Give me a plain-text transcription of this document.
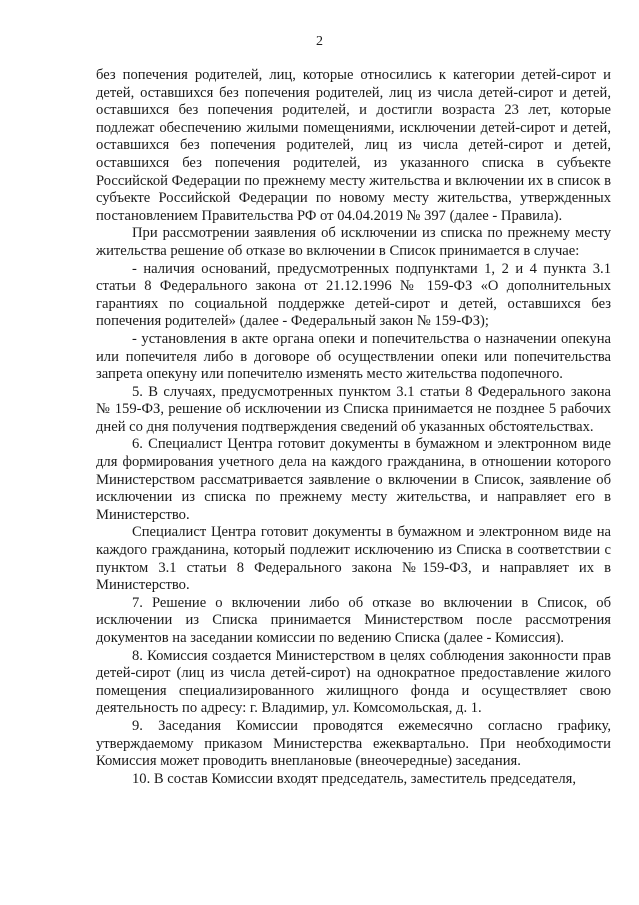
2

без попечения родителей, лиц, которые относились к категории детей-сирот и детей, оставшихся без попечения родителей, лиц из числа детей-сирот и детей, оставшихся без попечения родителей, и достигли возраста 23 лет, которые подлежат обеспечению жилыми помещениями, исключении детей-сирот и детей, оставшихся без попечения родителей, лиц из числа детей-сирот и детей, оставшихся без попечения родителей, из указанного списка в субъекте Российской Федерации по прежнему месту жительства и включении их в список в субъекте Российской Федерации по новому месту жительства, утвержденных постановлением Правительства РФ от 04.04.2019 № 397 (далее - Правила).

При рассмотрении заявления об исключении из списка по прежнему месту жительства решение об отказе во включении в Список принимается в случае:

- наличия оснований, предусмотренных подпунктами 1, 2 и 4 пункта 3.1 статьи 8 Федерального закона от 21.12.1996 № 159-ФЗ «О дополнительных гарантиях по социальной поддержке детей-сирот и детей, оставшихся без попечения родителей» (далее - Федеральный закон № 159-ФЗ);

- установления в акте органа опеки и попечительства о назначении опекуна или попечителя либо в договоре об осуществлении опеки или попечительства запрета опекуну или попечителю изменять место жительства подопечного.

5. В случаях, предусмотренных пунктом 3.1 статьи 8 Федерального закона № 159-ФЗ, решение об исключении из Списка принимается не позднее 5 рабочих дней со дня получения подтверждения сведений об указанных обстоятельствах.

6. Специалист Центра готовит документы в бумажном и электронном виде для формирования учетного дела на каждого гражданина, в отношении которого Министерством рассматривается заявление о включении в Список, заявление об исключении из списка по прежнему месту жительства, и направляет его в Министерство.

Специалист Центра готовит документы в бумажном и электронном виде на каждого гражданина, который подлежит исключению из Списка в соответствии с пунктом 3.1 статьи 8 Федерального закона №159-ФЗ, и направляет их в Министерство.

7. Решение о включении либо об отказе во включении в Список, об исключении из Списка принимается Министерством после рассмотрения документов на заседании комиссии по ведению Списка (далее - Комиссия).

8. Комиссия создается Министерством в целях соблюдения законности прав детей-сирот (лиц из числа детей-сирот) на однократное предоставление жилого помещения специализированного жилищного фонда и осуществляет свою деятельность по адресу: г. Владимир, ул. Комсомольская, д. 1.

9. Заседания Комиссии проводятся ежемесячно согласно графику, утверждаемому приказом Министерства ежеквартально. При необходимости Комиссия может проводить внеплановые (внеочередные) заседания.

10. В состав Комиссии входят председатель, заместитель председателя,
